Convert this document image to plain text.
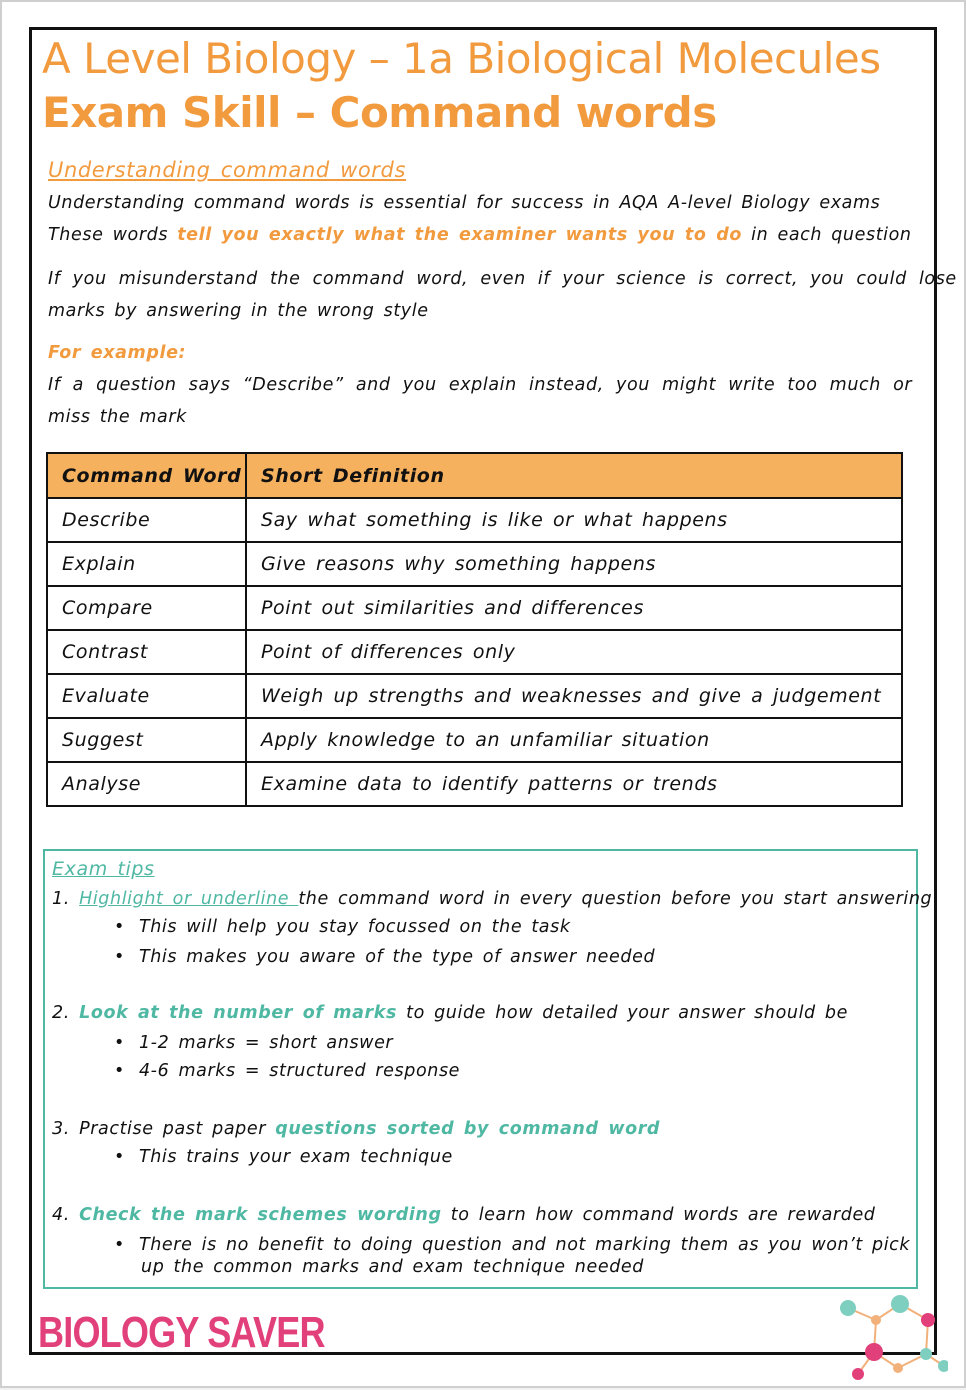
A Level Biology – 1a Biological Molecules
Exam Skill – Command words
Understanding command words
Understanding command words is essential for success in AQA A-level Biology exams
These words tell you exactly what the examiner wants you to do in each question
If you misunderstand the command word, even if your science is correct, you could lose
marks by answering in the wrong style
For example:
If a question says “Describe” and you explain instead, you might write too much or
miss the mark
Command Word	Short Definition
Describe	Say what something is like or what happens
Explain	Give reasons why something happens
Compare	Point out similarities and differences
Contrast	Point of differences only
Evaluate	Weigh up strengths and weaknesses and give a judgement
Suggest	Apply knowledge to an unfamiliar situation
Analyse	Examine data to identify patterns or trends
Exam tips
1. Highlight or underline the command word in every question before you start answering
• This will help you stay focussed on the task
• This makes you aware of the type of answer needed
2. Look at the number of marks to guide how detailed your answer should be
• 1-2 marks = short answer
• 4-6 marks = structured response
3. Practise past paper questions sorted by command word
• This trains your exam technique
4. Check the mark schemes wording to learn how command words are rewarded
• There is no benefit to doing question and not marking them as you won’t pick
up the common marks and exam technique needed
BIOLOGY SAVER
